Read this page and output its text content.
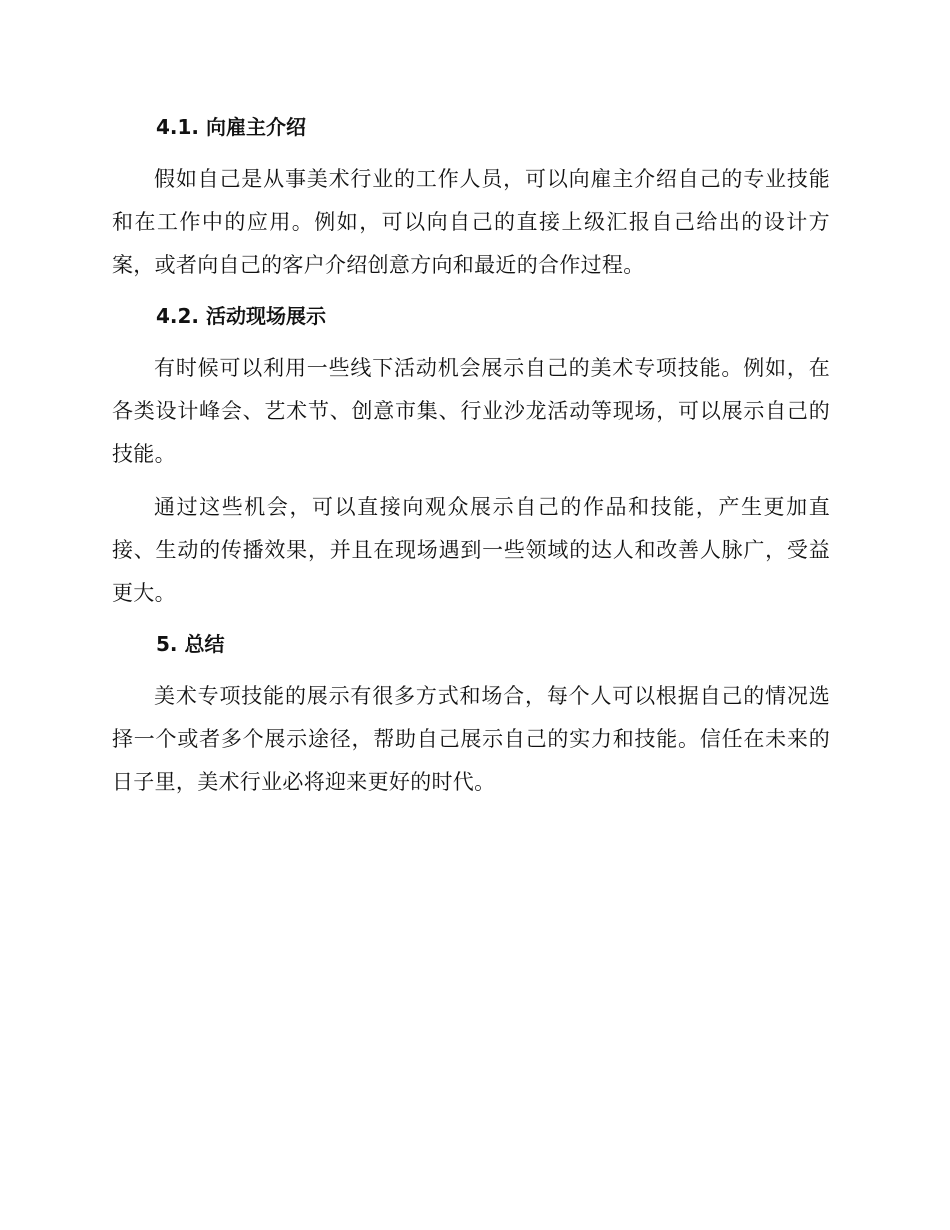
4.1. 向雇主介绍

假如自己是从事美术行业的工作人员，可以向雇主介绍自己的专业技能和在工作中的应用。例如，可以向自己的直接上级汇报自己给出的设计方案，或者向自己的客户介绍创意方向和最近的合作过程。

4.2. 活动现场展示

有时候可以利用一些线下活动机会展示自己的美术专项技能。例如，在各类设计峰会、艺术节、创意市集、行业沙龙活动等现场，可以展示自己的技能。

通过这些机会，可以直接向观众展示自己的作品和技能，产生更加直接、生动的传播效果，并且在现场遇到一些领域的达人和改善人脉广，受益更大。

5. 总结

美术专项技能的展示有很多方式和场合，每个人可以根据自己的情况选择一个或者多个展示途径，帮助自己展示自己的实力和技能。信任在未来的日子里，美术行业必将迎来更好的时代。
